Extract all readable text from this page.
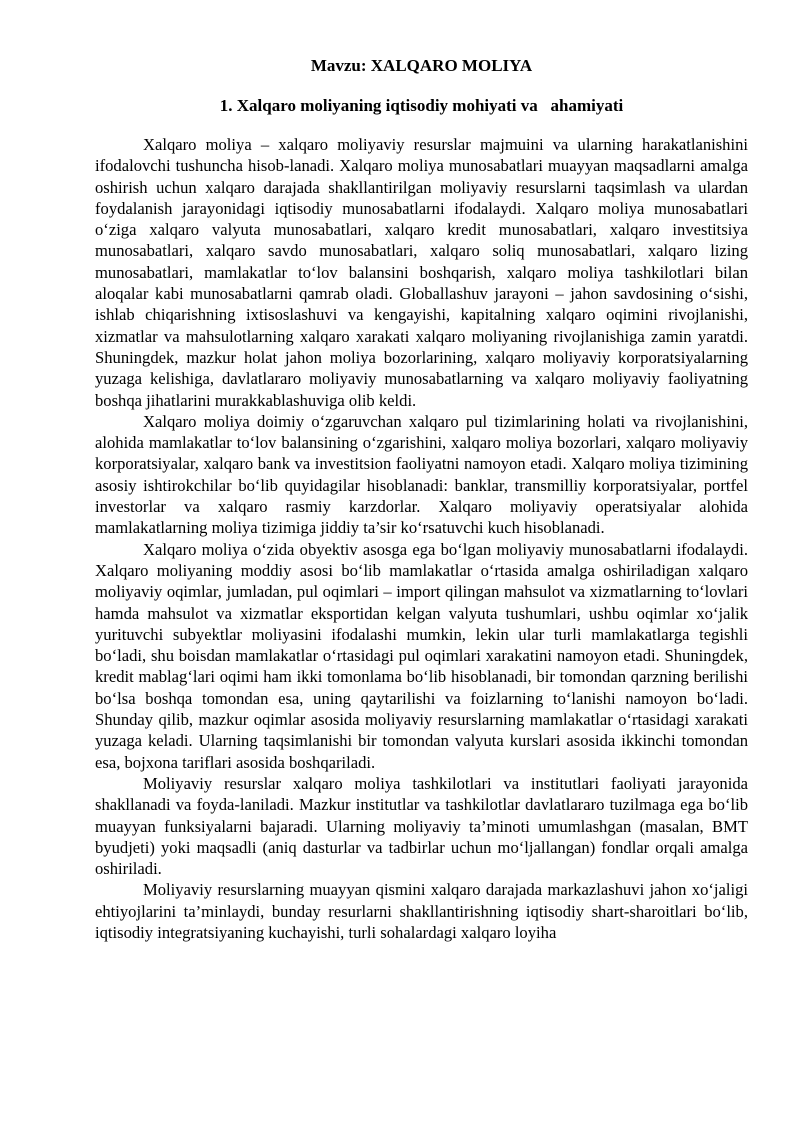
Mavzu: XALQARO MOLIYA
1. Xalqaro moliyaning iqtisodiy mohiyati va   ahamiyati

Xalqaro moliya – xalqaro moliyaviy resurslar majmuini va ularning harakatlanishini ifodalovchi tushuncha hisob-lanadi. Xalqaro moliya munosabatlari muayyan maqsadlarni amalga oshirish uchun xalqaro darajada shakllantirilgan moliyaviy resurslarni taqsimlash va ulardan foydalanish jarayonidagi iqtisodiy munosabatlarni ifodalaydi. Xalqaro moliya munosabatlari o‘ziga xalqaro valyuta munosabatlari, xalqaro kredit munosabatlari, xalqaro investitsiya munosabatlari, xalqaro savdo munosabatlari, xalqaro soliq munosabatlari, xalqaro lizing munosabatlari, mamlakatlar to‘lov balansini boshqarish, xalqaro moliya tashkilotlari bilan aloqalar kabi munosabatlarni qamrab oladi. Globallashuv jarayoni – jahon savdosining o‘sishi, ishlab chiqarishning ixtisoslashuvi va kengayishi, kapitalning xalqaro oqimini rivojlanishi, xizmatlar va mahsulotlarning xalqaro xarakati xalqaro moliyaning rivojlanishiga zamin yaratdi. Shuningdek, mazkur holat jahon moliya bozorlarining, xalqaro moliyaviy korporatsiyalarning yuzaga kelishiga, davlatlararo moliyaviy munosabatlarning va xalqaro moliyaviy faoliyatning boshqa jihatlarini murakkablashuviga olib keldi.

Xalqaro moliya doimiy o‘zgaruvchan xalqaro pul tizimlarining holati va rivojlanishini, alohida mamlakatlar to‘lov balansining o‘zgarishini, xalqaro moliya bozorlari, xalqaro moliyaviy korporatsiyalar, xalqaro bank va investitsion faoliyatni namoyon etadi. Xalqaro moliya tizimining asosiy ishtirokchilar bo‘lib quyidagilar hisoblanadi: banklar, transmilliy korporatsiyalar, portfel investorlar va xalqaro rasmiy karzdorlar. Xalqaro moliyaviy operatsiyalar alohida mamlakatlarning moliya tizimiga jiddiy ta’sir ko‘rsatuvchi kuch hisoblanadi.

Xalqaro moliya o‘zida obyektiv asosga ega bo‘lgan moliyaviy munosabatlarni ifodalaydi. Xalqaro moliyaning moddiy asosi bo‘lib mamlakatlar o‘rtasida amalga oshiriladigan xalqaro moliyaviy oqimlar, jumladan, pul oqimlari – import qilingan mahsulot va xizmatlarning to‘lovlari hamda mahsulot va xizmatlar eksportidan kelgan valyuta tushumlari, ushbu oqimlar xo‘jalik yurituvchi subyektlar moliyasini ifodalashi mumkin, lekin ular turli mamlakatlarga tegishli bo‘ladi, shu boisdan mamlakatlar o‘rtasidagi pul oqimlari xarakatini namoyon etadi. Shuningdek, kredit mablag‘lari oqimi ham ikki tomonlama bo‘lib hisoblanadi, bir tomondan qarzning berilishi bo‘lsa boshqa tomondan esa, uning qaytarilishi va foizlarning to‘lanishi namoyon bo‘ladi. Shunday qilib, mazkur oqimlar asosida moliyaviy resurslarning mamlakatlar o‘rtasidagi xarakati yuzaga keladi. Ularning taqsimlanishi bir tomondan valyuta kurslari asosida ikkinchi tomondan esa, bojxona tariflari asosida boshqariladi.

Moliyaviy resurslar xalqaro moliya tashkilotlari va institutlari faoliyati jarayonida shakllanadi va foyda-laniladi. Mazkur institutlar va tashkilotlar davlatlararo tuzilmaga ega bo‘lib muayyan funksiyalarni bajaradi. Ularning moliyaviy ta’minoti umumlashgan (masalan, BMT byudjeti) yoki maqsadli (aniq dasturlar va tadbirlar uchun mo‘ljallangan) fondlar orqali amalga oshiriladi.

Moliyaviy resurslarning muayyan qismini xalqaro darajada markazlashuvi jahon xo‘jaligi ehtiyojlarini ta’minlaydi, bunday resurlarni shakllantirishning iqtisodiy shart-sharoitlari bo‘lib, iqtisodiy integratsiyaning kuchayishi, turli sohalardagi xalqaro loyiha
